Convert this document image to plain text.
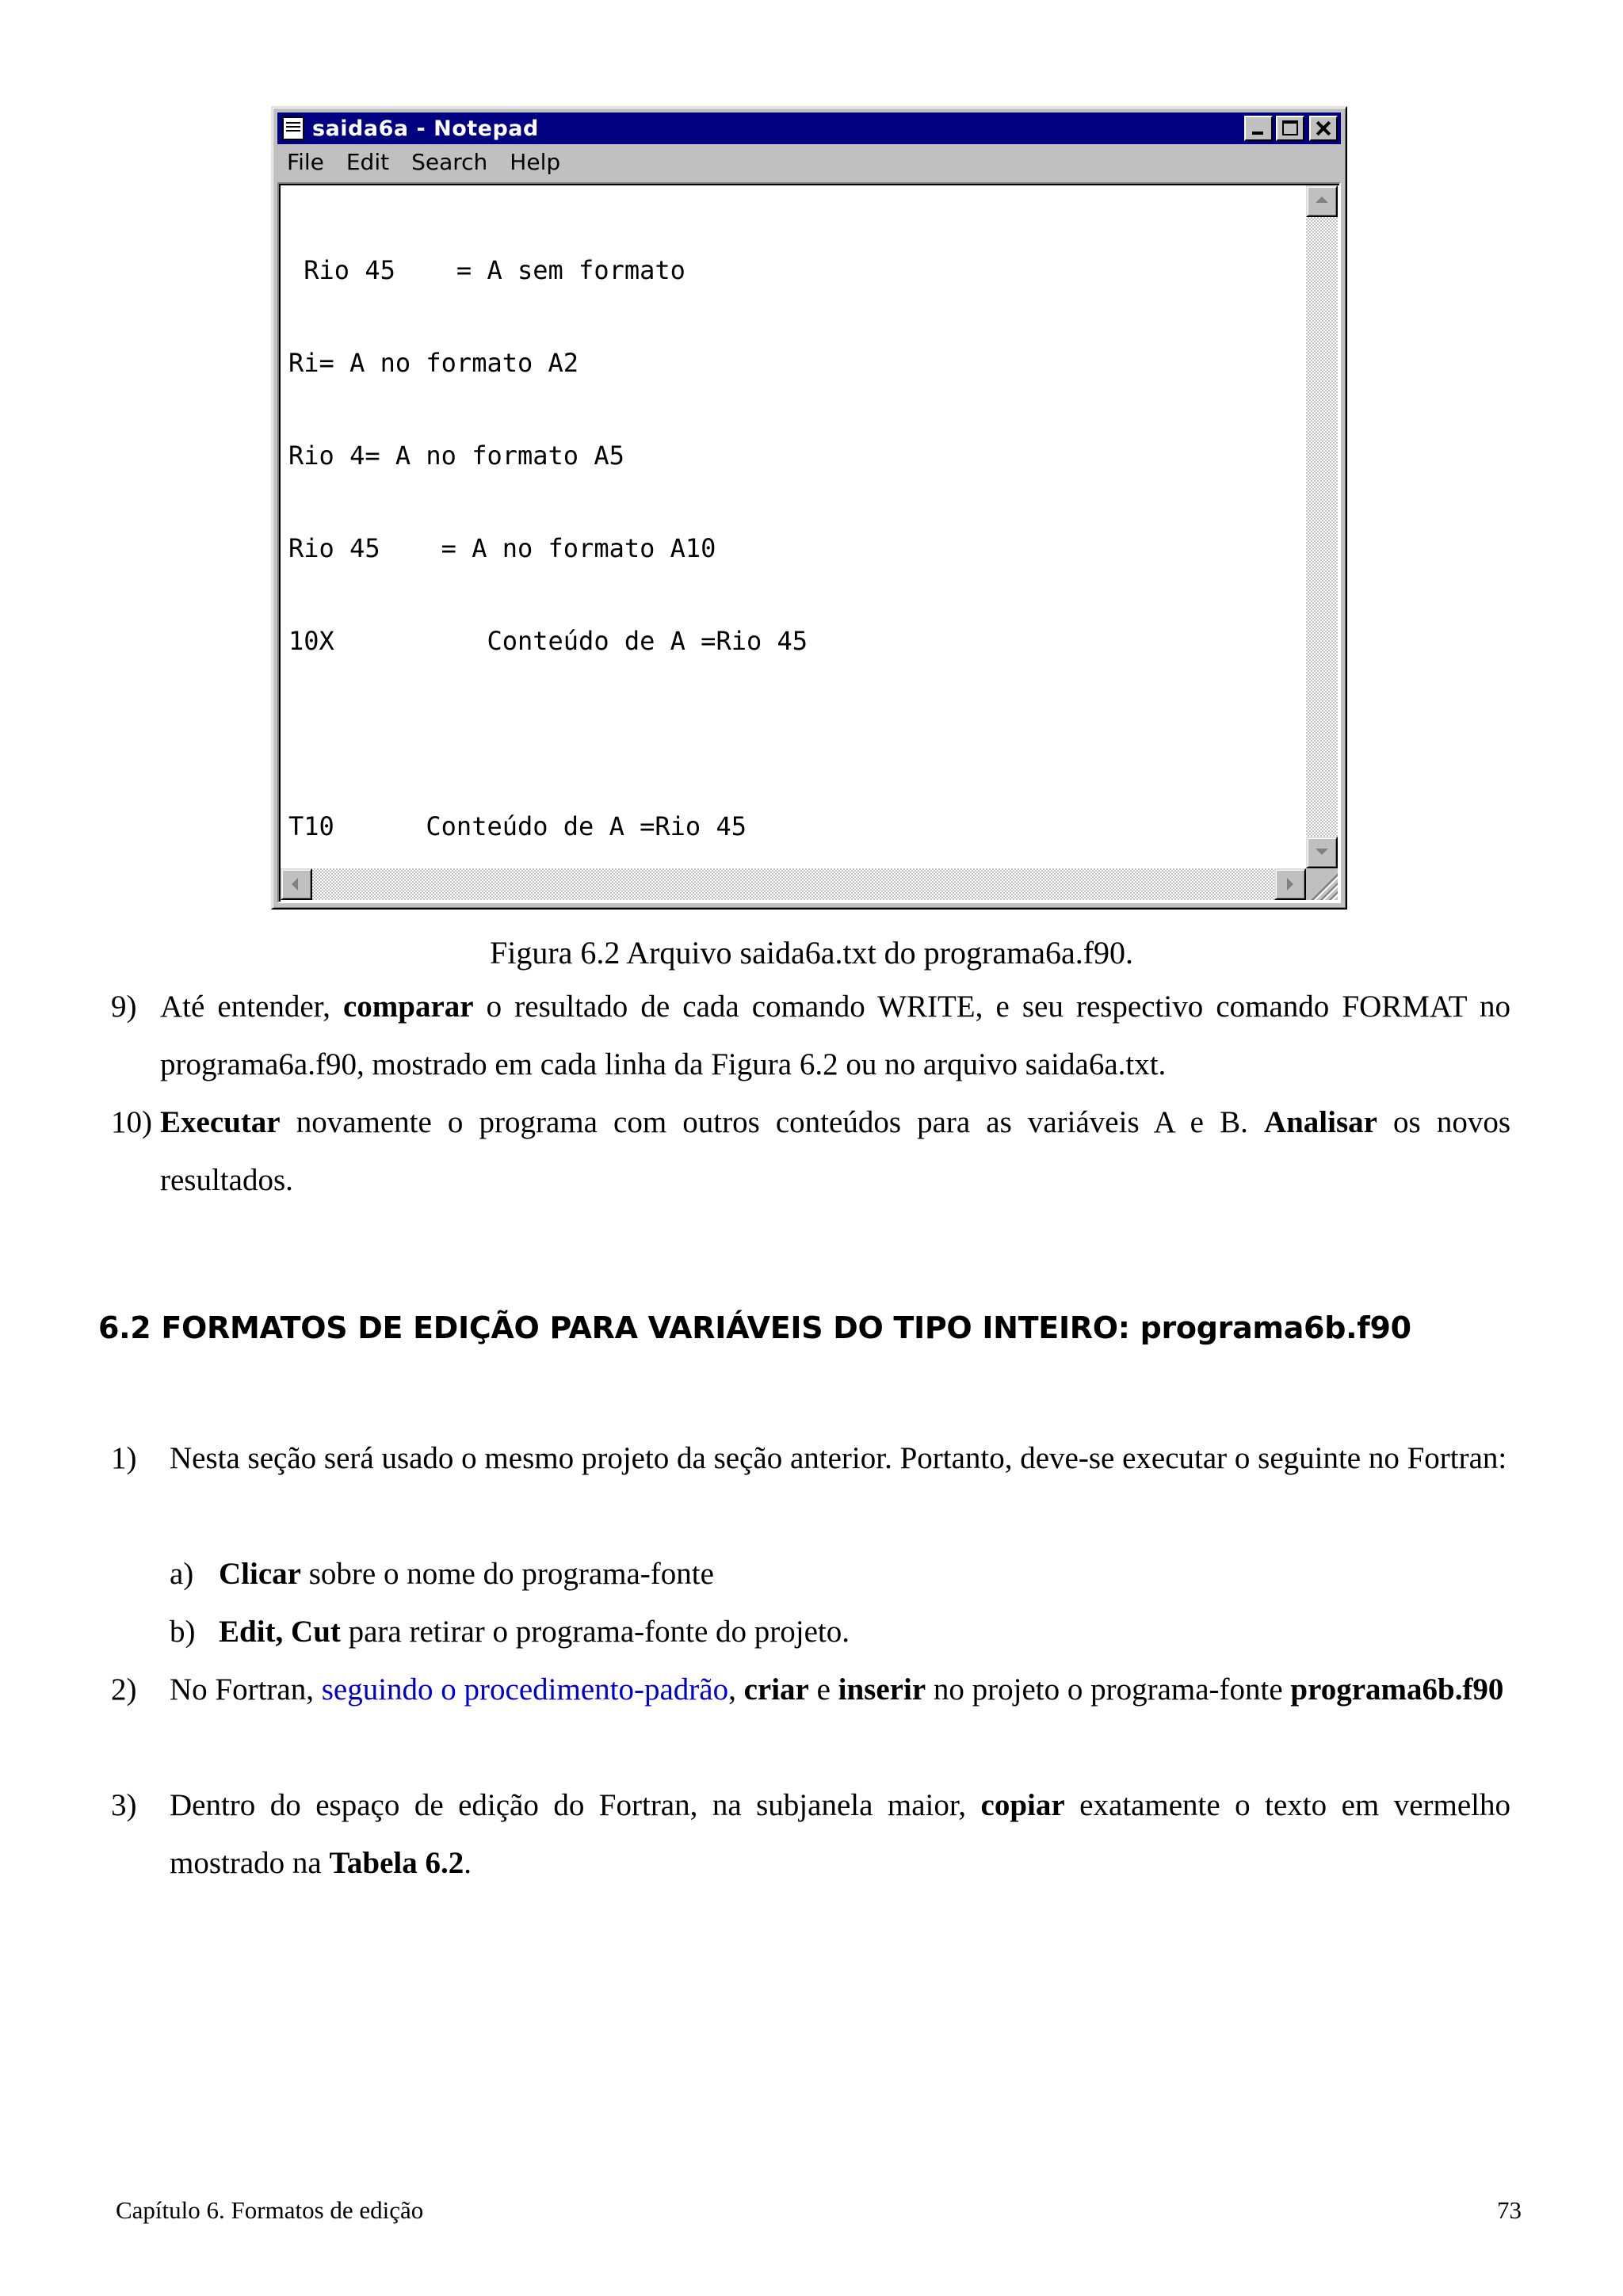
saida6a - Notepad
File Edit Search Help

Rio 45    = A sem formato

Ri= A no formato A2

Rio 4= A no formato A5

Rio 45    = A no formato A10

10X          Conteúdo de A =Rio 45

T10      Conteúdo de A =Rio 45

Figura 6.2 Arquivo saida6a.txt do programa6a.f90.
9) Até entender, comparar o resultado de cada comando WRITE, e seu respectivo comando FORMAT no programa6a.f90, mostrado em cada linha da Figura 6.2 ou no arquivo saida6a.txt.
10) Executar novamente o programa com outros conteúdos para as variáveis A e B. Analisar os novos resultados.
6.2 FORMATOS DE EDIÇÃO PARA VARIÁVEIS DO TIPO INTEIRO: programa6b.f90
1) Nesta seção será usado o mesmo projeto da seção anterior. Portanto, deve-se executar o seguinte no Fortran:
a) Clicar sobre o nome do programa-fonte
b) Edit, Cut para retirar o programa-fonte do projeto.
2) No Fortran, seguindo o procedimento-padrão, criar e inserir no projeto o programa-fonte programa6b.f90
3) Dentro do espaço de edição do Fortran, na subjanela maior, copiar exatamente o texto em vermelho mostrado na Tabela 6.2.
Capítulo 6. Formatos de edição	73
